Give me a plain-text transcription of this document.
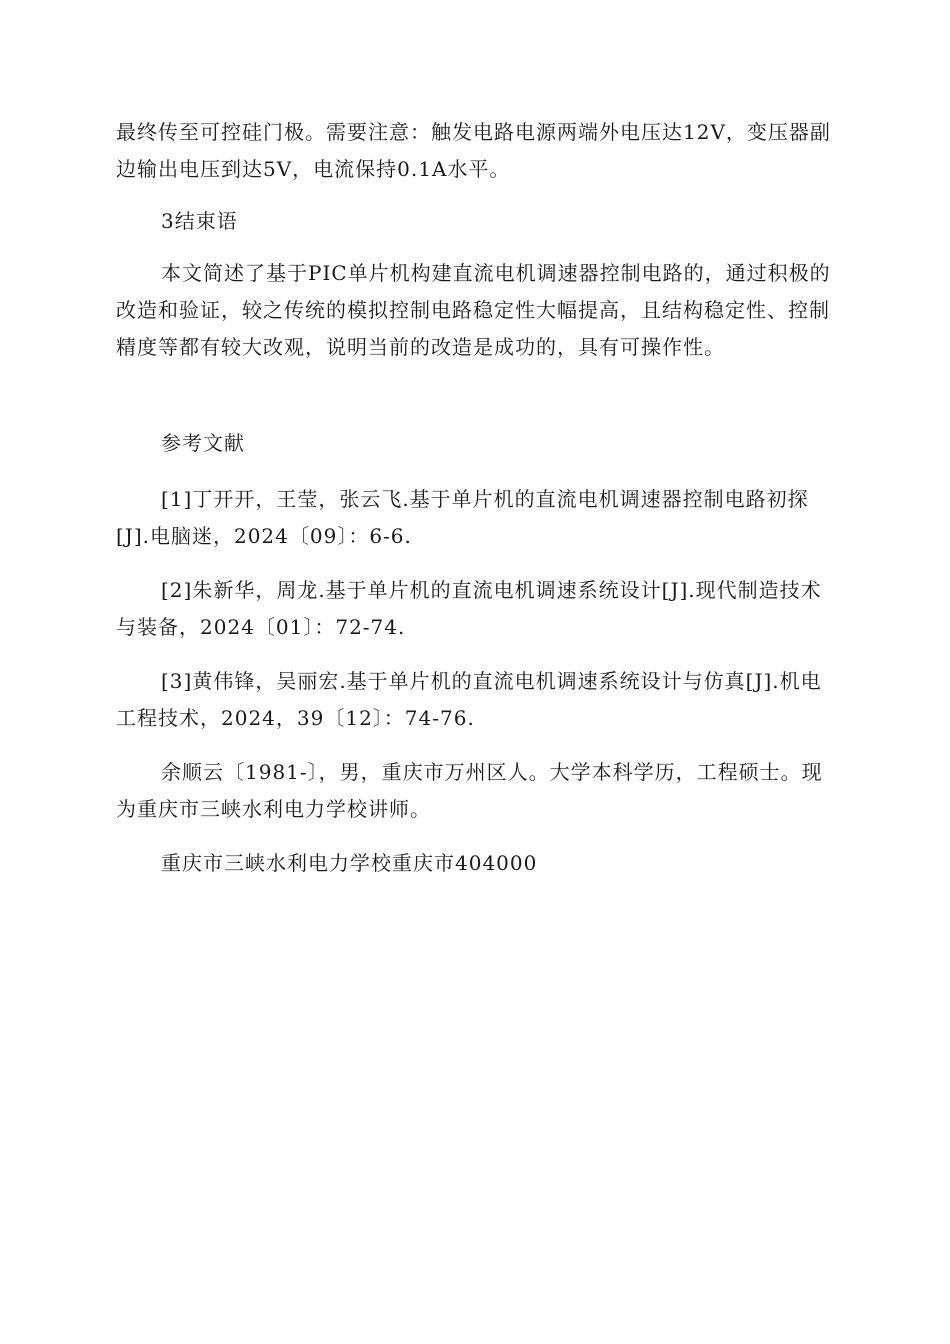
最终传至可控硅门极。需要注意：触发电路电源两端外电压达12V，变压器副边输出电压到达5V，电流保持0.1A水平。

3结束语

本文简述了基于PIC单片机构建直流电机调速器控制电路的，通过积极的改造和验证，较之传统的模拟控制电路稳定性大幅提高，且结构稳定性、控制精度等都有较大改观，说明当前的改造是成功的，具有可操作性。

参考文献

[1]丁开开，王莹，张云飞.基于单片机的直流电机调速器控制电路初探[J].电脑迷，2024〔09〕：6-6.

[2]朱新华，周龙.基于单片机的直流电机调速系统设计[J].现代制造技术与装备，2024〔01〕：72-74.

[3]黄伟锋，吴丽宏.基于单片机的直流电机调速系统设计与仿真[J].机电工程技术，2024，39〔12〕：74-76.

余顺云〔1981-〕，男，重庆市万州区人。大学本科学历，工程硕士。现为重庆市三峡水利电力学校讲师。

重庆市三峡水利电力学校重庆市404000
